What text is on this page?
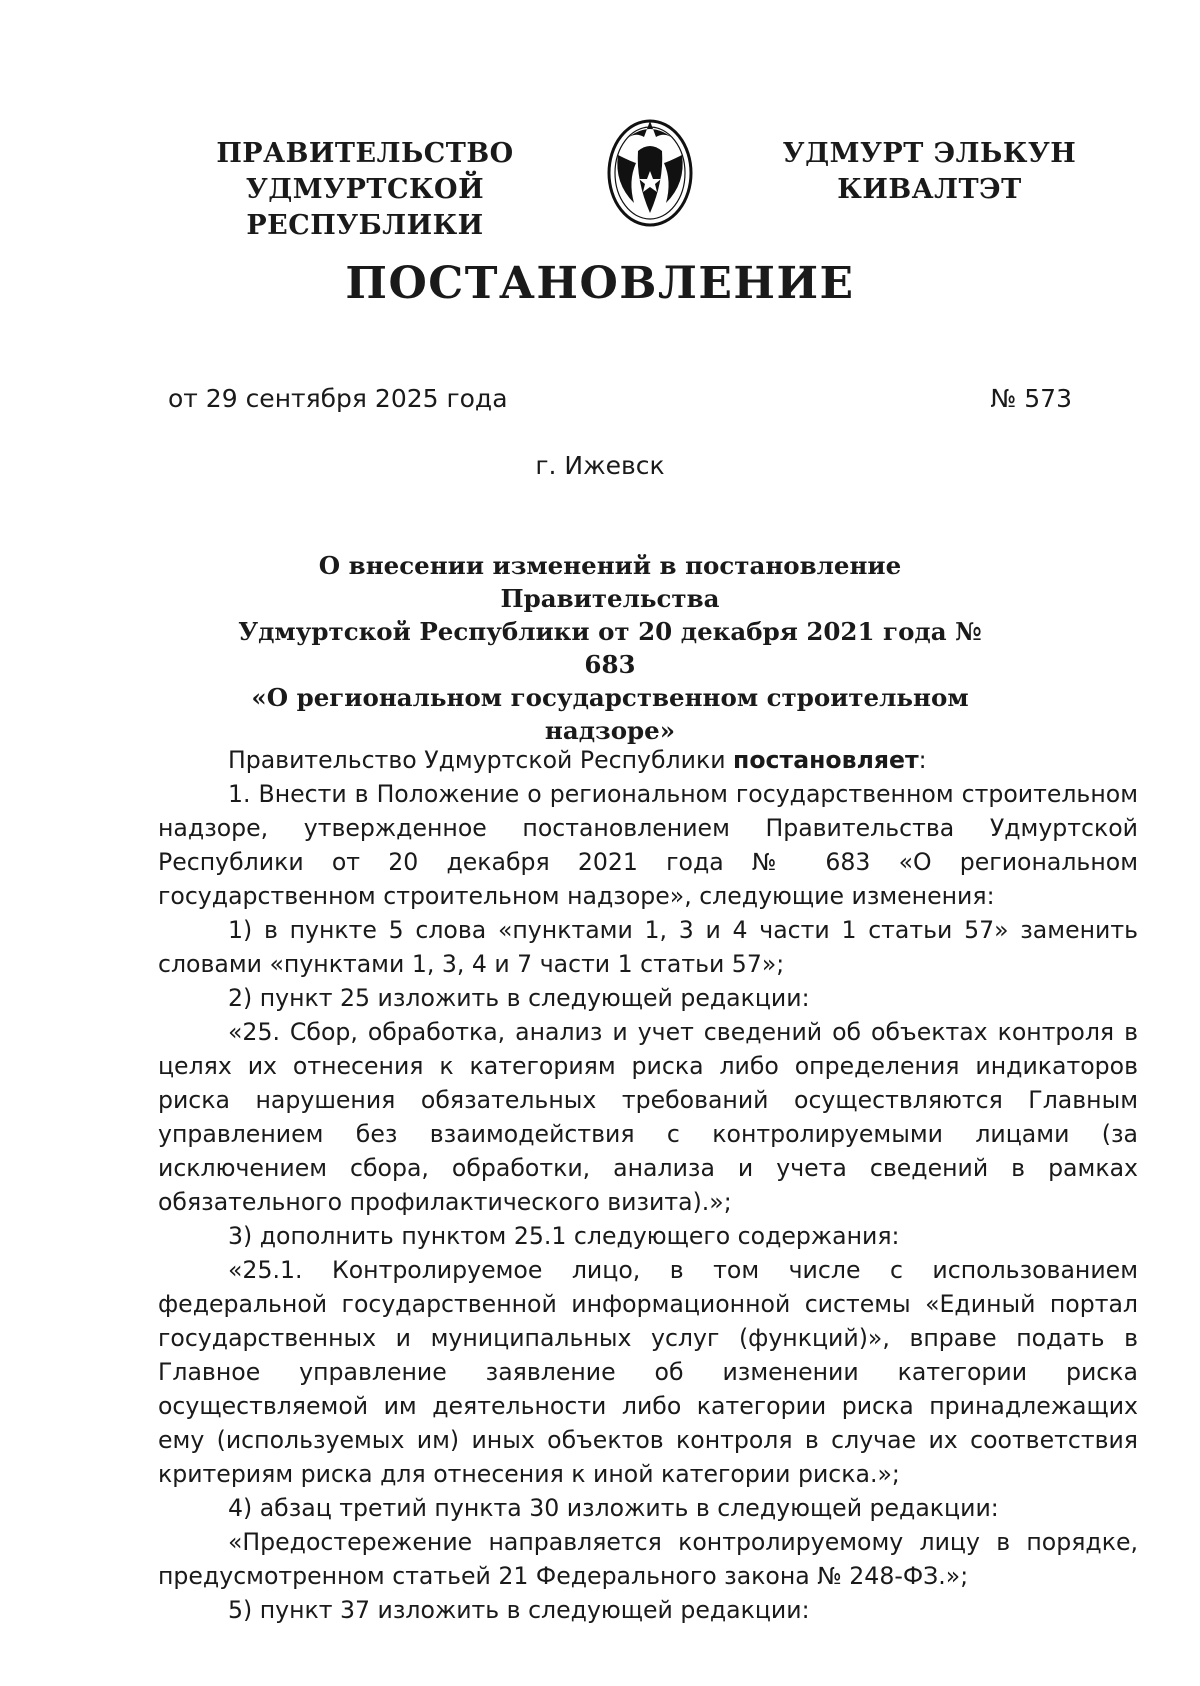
ПРАВИТЕЛЬСТВО
УДМУРТСКОЙ РЕСПУБЛИКИ
УДМУРТ ЭЛЬКУН
КИВАЛТЭТ
ПОСТАНОВЛЕНИЕ
от 29 сентября 2025 года	№ 573
г. Ижевск
О внесении изменений в постановление Правительства
Удмуртской Республики от 20 декабря 2021 года № 683
«О региональном государственном строительном
надзоре»

Правительство Удмуртской Республики постановляет:

1. Внести в Положение о региональном государственном строительном надзоре, утвержденное постановлением Правительства Удмуртской Республики от 20 декабря 2021 года № 683 «О региональном государственном строительном надзоре», следующие изменения:

1) в пункте 5 слова «пунктами 1, 3 и 4 части 1 статьи 57» заменить словами «пунктами 1, 3, 4 и 7 части 1 статьи 57»;

2) пункт 25 изложить в следующей редакции:

«25. Сбор, обработка, анализ и учет сведений об объектах контроля в целях их отнесения к категориям риска либо определения индикаторов риска нарушения обязательных требований осуществляются Главным управлением без взаимодействия с контролируемыми лицами (за исключением сбора, обработки, анализа и учета сведений в рамках обязательного профилактического визита).»;

3) дополнить пунктом 25.1 следующего содержания:

«25.1. Контролируемое лицо, в том числе с использованием федеральной государственной информационной системы «Единый портал государственных и муниципальных услуг (функций)», вправе подать в Главное управление заявление об изменении категории риска осуществляемой им деятельности либо категории риска принадлежащих ему (используемых им) иных объектов контроля в случае их соответствия критериям риска для отнесения к иной категории риска.»;

4) абзац третий пункта 30 изложить в следующей редакции:

«Предостережение направляется контролируемому лицу в порядке, предусмотренном статьей 21 Федерального закона № 248-ФЗ.»;

5) пункт 37 изложить в следующей редакции:
